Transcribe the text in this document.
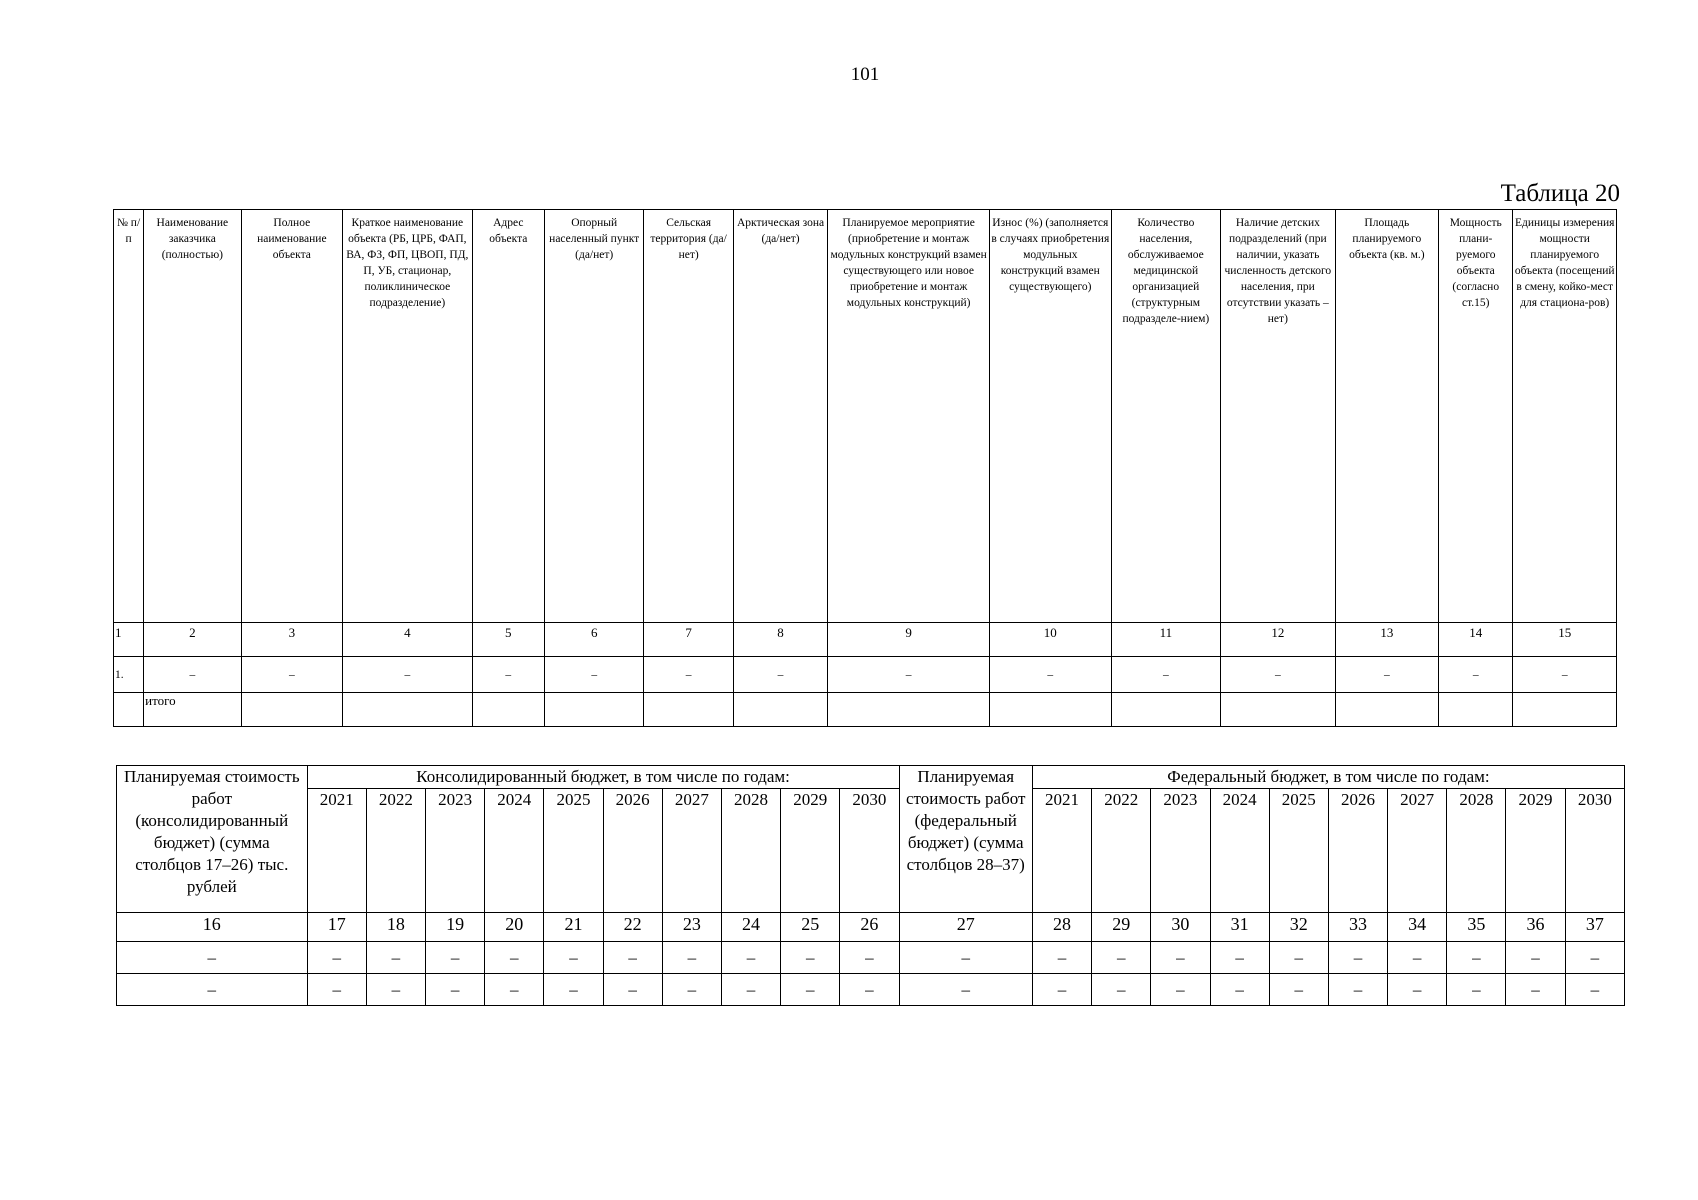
101
Таблица 20
№ п/п	Наименование заказчика (полностью)	Полное наименование объекта	Краткое наименование объекта (РБ, ЦРБ, ФАП, ВА, ФЗ, ФП, ЦВОП, ПД, П, УБ, стационар, поликлиническое подразделение)	Адрес объекта	Опорный населенный пункт (да/нет)	Сельская территория (да/нет)	Арктическая зона (да/нет)	Планируемое мероприятие (приобретение и монтаж модульных конструкций взамен существующего или новое приобретение и монтаж модульных конструкций)	Износ (%) (заполняется в случаях приобретения модульных конструкций взамен существующего)	Количество населения, обслуживаемое медицинской организацией (структурным подразделе-нием)	Наличие детских подразделений (при наличии, указать численность детского населения, при отсутствии указать – нет)	Площадь планируемого объекта (кв. м.)	Мощность плани-руемого объекта (согласно ст.15)	Единицы измерения мощности планируемого объекта (посещений в смену, койко-мест для стациона-ров)
1	2	3	4	5	6	7	8	9	10	11	12	13	14	15
1.	–	–	–	–	–	–	–	–	–	–	–	–	–	–
	итого													
Планируемая стоимость работ (консолидированный бюджет) (сумма столбцов 17–26) тыс. рублей	Консолидированный бюджет, в том числе по годам:										Планируемая стоимость работ (федеральный бюджет) (сумма столбцов 28–37)	Федеральный бюджет, в том числе по годам:									
	2021	2022	2023	2024	2025	2026	2027	2028	2029	2030		2021	2022	2023	2024	2025	2026	2027	2028	2029	2030
16	17	18	19	20	21	22	23	24	25	26	27	28	29	30	31	32	33	34	35	36	37
–	–	–	–	–	–	–	–	–	–	–	–	–	–	–	–	–	–	–	–	–	–
–	–	–	–	–	–	–	–	–	–	–	–	–	–	–	–	–	–	–	–	–	–
